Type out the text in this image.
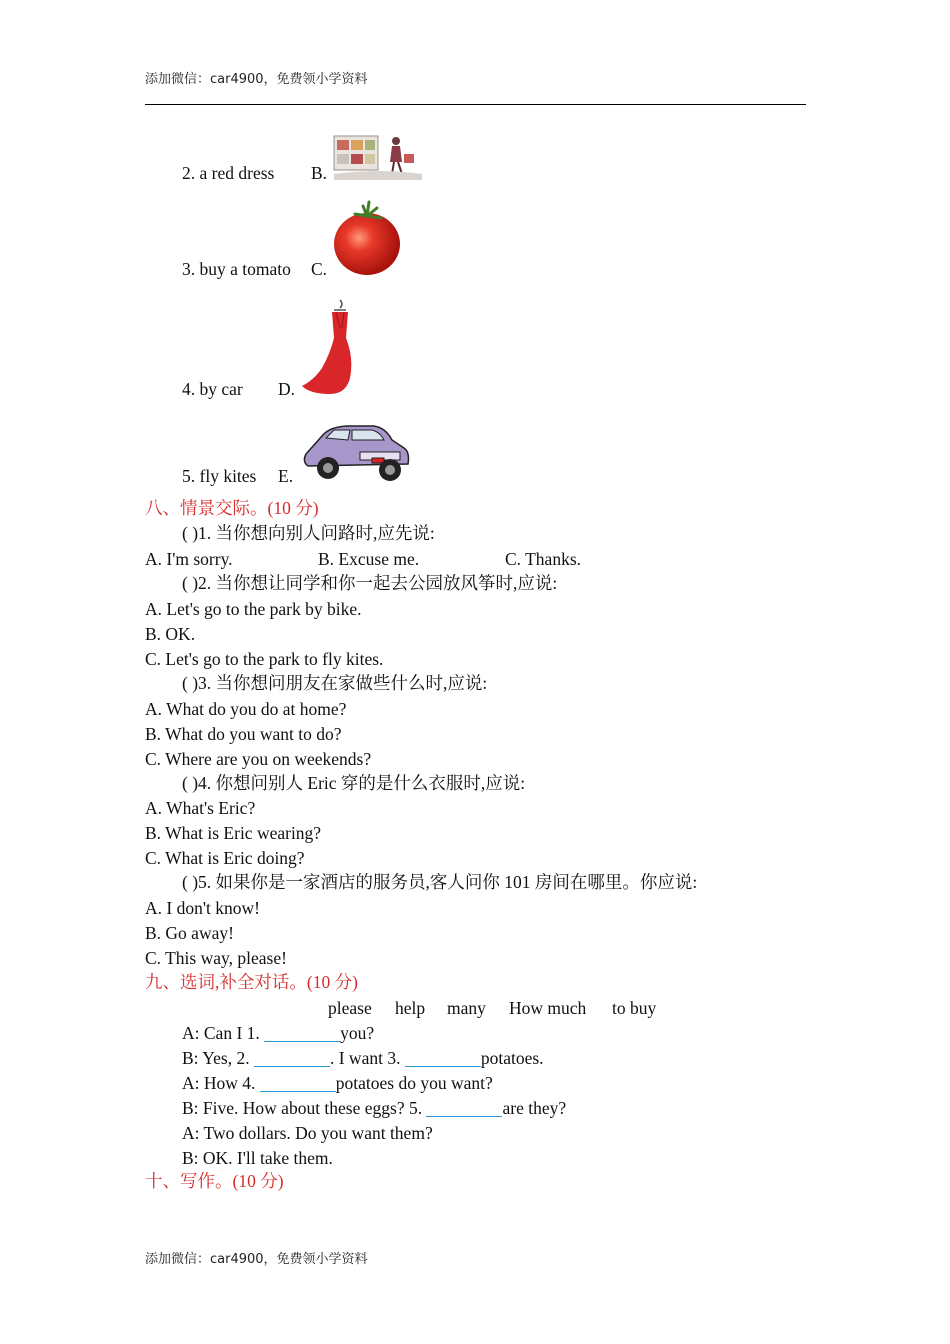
添加微信：car4900，免费领小学资料
2. a red dress B.
3. buy a tomato C.
4. by car D.
5. fly kites E.
八、情景交际。(10 分)
( )1. 当你想向别人问路时,应先说:
A. I'm sorry.	B. Excuse me.	C. Thanks.
( )2. 当你想让同学和你一起去公园放风筝时,应说:
A. Let's go to the park by bike.
B. OK.
C. Let's go to the park to fly kites.
( )3. 当你想问朋友在家做些什么时,应说:
A. What do you do at home?
B. What do you want to do?
C. Where are you on weekends?
( )4. 你想问别人 Eric 穿的是什么衣服时,应说:
A. What's Eric?
B. What is Eric wearing?
C. What is Eric doing?
( )5. 如果你是一家酒店的服务员,客人问你 101 房间在哪里。你应说:
A. I don't know!
B. Go away!
C. This way, please!
九、选词,补全对话。(10 分)
please help many How much to buy
A: Can I 1.	you?
B: Yes, 2.	. I want 3.	potatoes.
A: How 4.	potatoes do you want?
B: Five. How about these eggs? 5.	are they?
A: Two dollars. Do you want them?
B: OK. I'll take them.
十、写作。(10 分)
添加微信：car4900，免费领小学资料
